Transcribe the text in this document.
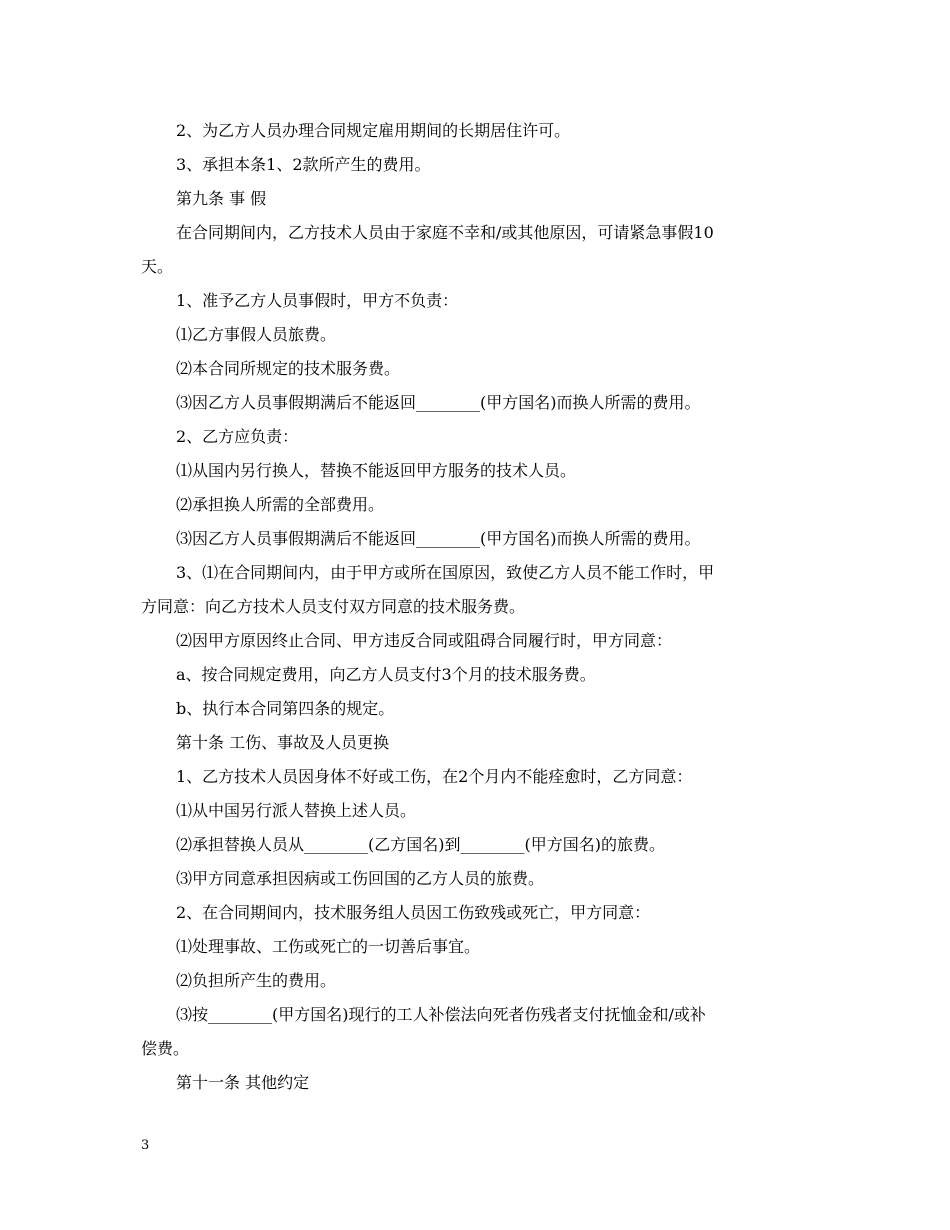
2、为乙方人员办理合同规定雇用期间的长期居住许可。
3、承担本条1、2款所产生的费用。
第九条 事 假
在合同期间内，乙方技术人员由于家庭不幸和/或其他原因，可请紧急事假10
天。
1、准予乙方人员事假时，甲方不负责：
⑴乙方事假人员旅费。
⑵本合同所规定的技术服务费。
⑶因乙方人员事假期满后不能返回________(甲方国名)而换人所需的费用。
2、乙方应负责：
⑴从国内另行换人，替换不能返回甲方服务的技术人员。
⑵承担换人所需的全部费用。
⑶因乙方人员事假期满后不能返回________(甲方国名)而换人所需的费用。
3、⑴在合同期间内，由于甲方或所在国原因，致使乙方人员不能工作时，甲
方同意：向乙方技术人员支付双方同意的技术服务费。
⑵因甲方原因终止合同、甲方违反合同或阻碍合同履行时，甲方同意：
a、按合同规定费用，向乙方人员支付3个月的技术服务费。
b、执行本合同第四条的规定。
第十条 工伤、事故及人员更换
1、乙方技术人员因身体不好或工伤，在2个月内不能痊愈时，乙方同意：
⑴从中国另行派人替换上述人员。
⑵承担替换人员从________(乙方国名)到________(甲方国名)的旅费。
⑶甲方同意承担因病或工伤回国的乙方人员的旅费。
2、在合同期间内，技术服务组人员因工伤致残或死亡，甲方同意：
⑴处理事故、工伤或死亡的一切善后事宜。
⑵负担所产生的费用。
⑶按________(甲方国名)现行的工人补偿法向死者伤残者支付抚恤金和/或补
偿费。
第十一条 其他约定
3
